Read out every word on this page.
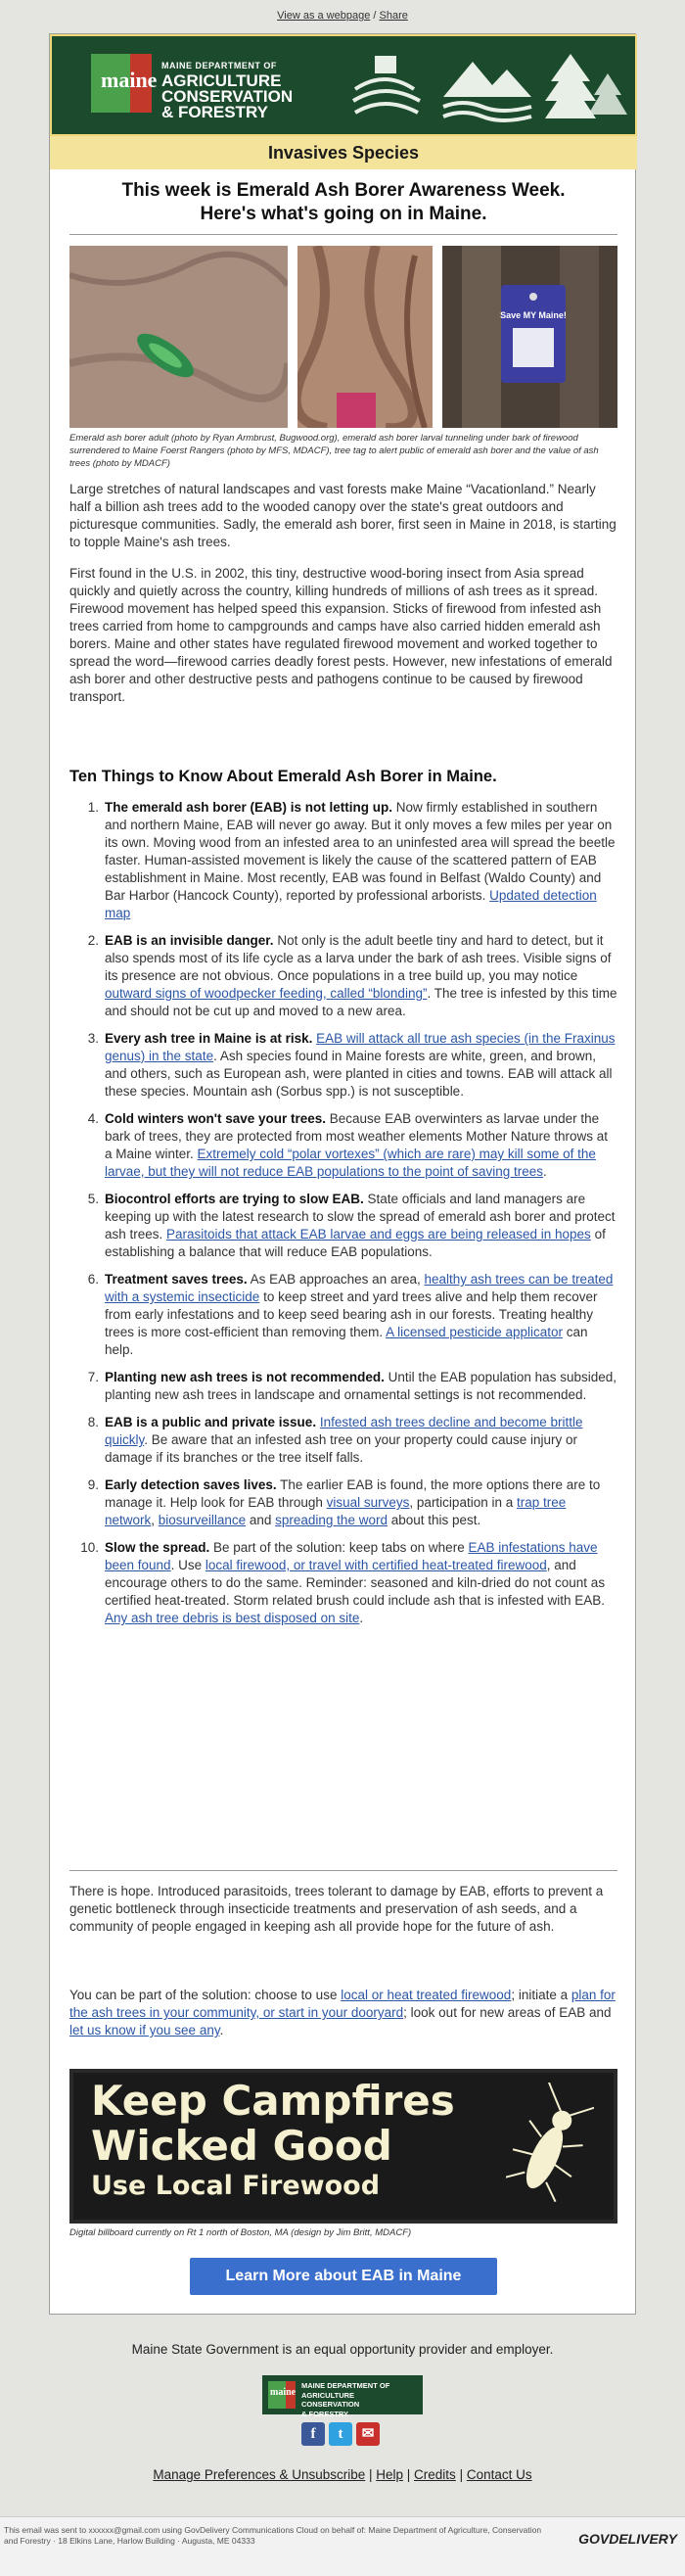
View as a webpage / Share
maine
MAINE DEPARTMENT OF
AGRICULTURE
CONSERVATION
& FORESTRY
Invasives Species
This week is Emerald Ash Borer Awareness Week.
Here's what's going on in Maine.
Save MY Maine!
Emerald ash borer adult (photo by Ryan Armbrust, Bugwood.org), emerald ash borer larval tunneling under bark of firewood surrendered to Maine Foerst Rangers (photo by MFS, MDACF), tree tag to alert public of emerald ash borer and the value of ash trees (photo by MDACF)
Large stretches of natural landscapes and vast forests make Maine “Vacationland.” Nearly half a billion ash trees add to the wooded canopy over the state's great outdoors and picturesque communities. Sadly, the emerald ash borer, first seen in Maine in 2018, is starting to topple Maine's ash trees.
First found in the U.S. in 2002, this tiny, destructive wood-boring insect from Asia spread quickly and quietly across the country, killing hundreds of millions of ash trees as it spread. Firewood movement has helped speed this expansion. Sticks of firewood from infested ash trees carried from home to campgrounds and camps have also carried hidden emerald ash borers. Maine and other states have regulated firewood movement and worked together to spread the word—firewood carries deadly forest pests. However, new infestations of emerald ash borer and other destructive pests and pathogens continue to be caused by firewood transport.
Ten Things to Know About Emerald Ash Borer in Maine.
1. The emerald ash borer (EAB) is not letting up. Now firmly established in southern and northern Maine, EAB will never go away. But it only moves a few miles per year on its own. Moving wood from an infested area to an uninfested area will spread the beetle faster. Human-assisted movement is likely the cause of the scattered pattern of EAB establishment in Maine. Most recently, EAB was found in Belfast (Waldo County) and Bar Harbor (Hancock County), reported by professional arborists. Updated detection map
2. EAB is an invisible danger. Not only is the adult beetle tiny and hard to detect, but it also spends most of its life cycle as a larva under the bark of ash trees. Visible signs of its presence are not obvious. Once populations in a tree build up, you may notice outward signs of woodpecker feeding, called “blonding”. The tree is infested by this time and should not be cut up and moved to a new area.
3. Every ash tree in Maine is at risk. EAB will attack all true ash species (in the Fraxinus genus) in the state. Ash species found in Maine forests are white, green, and brown, and others, such as European ash, were planted in cities and towns. EAB will attack all these species. Mountain ash (Sorbus spp.) is not susceptible.
4. Cold winters won't save your trees. Because EAB overwinters as larvae under the bark of trees, they are protected from most weather elements Mother Nature throws at a Maine winter. Extremely cold “polar vortexes” (which are rare) may kill some of the larvae, but they will not reduce EAB populations to the point of saving trees.
5. Biocontrol efforts are trying to slow EAB. State officials and land managers are keeping up with the latest research to slow the spread of emerald ash borer and protect ash trees. Parasitoids that attack EAB larvae and eggs are being released in hopes of establishing a balance that will reduce EAB populations.
6. Treatment saves trees. As EAB approaches an area, healthy ash trees can be treated with a systemic insecticide to keep street and yard trees alive and help them recover from early infestations and to keep seed bearing ash in our forests. Treating healthy trees is more cost-efficient than removing them. A licensed pesticide applicator can help.
7. Planting new ash trees is not recommended. Until the EAB population has subsided, planting new ash trees in landscape and ornamental settings is not recommended.
8. EAB is a public and private issue. Infested ash trees decline and become brittle quickly. Be aware that an infested ash tree on your property could cause injury or damage if its branches or the tree itself falls.
9. Early detection saves lives. The earlier EAB is found, the more options there are to manage it. Help look for EAB through visual surveys, participation in a trap tree network, biosurveillance and spreading the word about this pest.
10. Slow the spread. Be part of the solution: keep tabs on where EAB infestations have been found. Use local firewood, or travel with certified heat-treated firewood, and encourage others to do the same. Reminder: seasoned and kiln-dried do not count as certified heat-treated. Storm related brush could include ash that is infested with EAB. Any ash tree debris is best disposed on site.
There is hope. Introduced parasitoids, trees tolerant to damage by EAB, efforts to prevent a genetic bottleneck through insecticide treatments and preservation of ash seeds, and a community of people engaged in keeping ash all provide hope for the future of ash.
You can be part of the solution: choose to use local or heat treated firewood; initiate a plan for the ash trees in your community, or start in your dooryard; look out for new areas of EAB and let us know if you see any.
Keep Campfires
Wicked Good
Use Local Firewood
Digital billboard currently on Rt 1 north of Boston, MA (design by Jim Britt, MDACF)
Learn More about EAB in Maine
Maine State Government is an equal opportunity provider and employer.
MAINE DEPARTMENT OF
AGRICULTURE
CONSERVATION
& FORESTRY
maine
f t ✉
Manage Preferences & Unsubscribe | Help | Credits | Contact Us
This email was sent to xxxxxx@gmail.com using GovDelivery Communications Cloud on behalf of: Maine Department of Agriculture, Conservation and Forestry · 18 Elkins Lane, Harlow Building · Augusta, ME 04333	GOVDELIVERY
